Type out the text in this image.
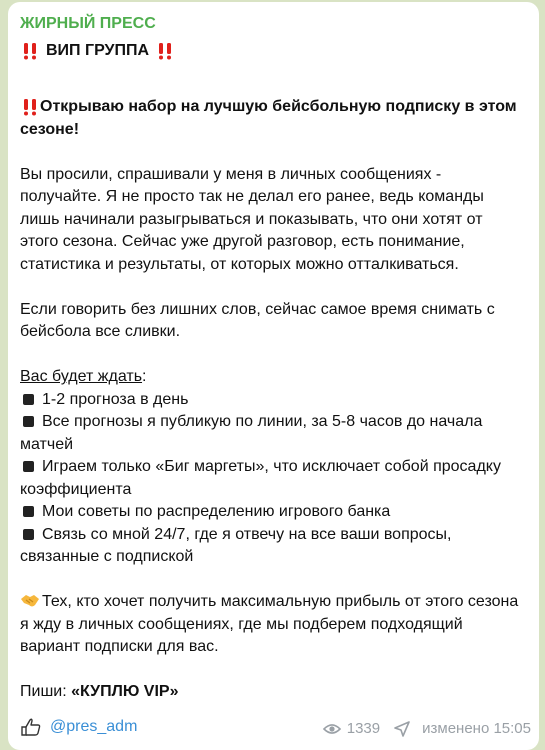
ЖИРНЫЙ ПРЕСС
ВИП ГРУППА

Открываю набор на лучшую бейсбольную подписку в этом сезоне!

Вы просили, спрашивали у меня в личных сообщениях - получайте. Я не просто так не делал его ранее, ведь команды лишь начинали разыгрываться и показывать, что они хотят от этого сезона. Сейчас уже другой разговор, есть понимание, статистика и результаты, от которых можно отталкиваться.

Если говорить без лишних слов, сейчас самое время снимать с бейсбола все сливки.

Вас будет ждать:

1-2 прогноза в день

Все прогнозы я публикую по линии, за 5-8 часов до начала матчей

Играем только «Биг маргеты», что исключает собой просадку коэффициента

Мои советы по распределению игрового банка

Связь со мной 24/7, где я отвечу на все ваши вопросы, связанные с подпиской

Тех, кто хочет получить максимальную прибыль от этого сезона я жду в личных сообщениях, где мы подберем подходящий вариант подписки для вас.

Пиши: «КУПЛЮ VIP»

@pres_adm	1339	изменено 15:05
